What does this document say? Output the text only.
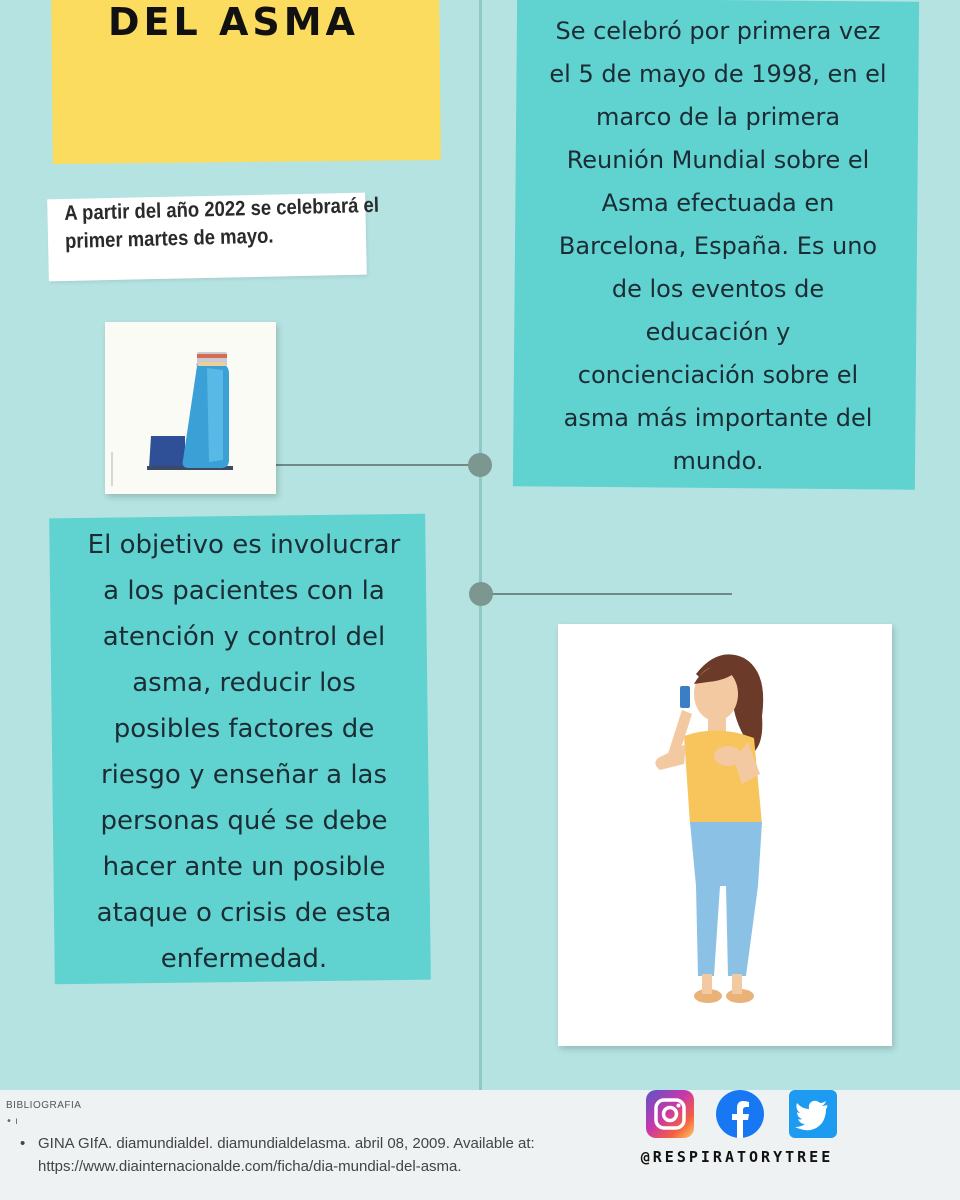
DEL ASMA
A partir del año 2022 se celebrará el primer martes de mayo.
Se celebró por primera vez
el 5 de mayo de 1998, en el
marco de la primera
Reunión Mundial sobre el
Asma efectuada en
Barcelona, España. Es uno
de los eventos de
educación y
concienciación sobre el
asma más importante del
mundo.
El objetivo es involucrar
a los pacientes con la
atención y control del
asma, reducir los
posibles factores de
riesgo y enseñar a las
personas qué se debe
hacer ante un posible
ataque o crisis de esta
enfermedad.
BIBLIOGRAFIA
• ı
• GINA GIfA. diamundialdel. diamundialdelasma. abril 08, 2009. Available at: https://www.diainternacionalde.com/ficha/dia-mundial-del-asma.
@RESPIRATORYTREE
